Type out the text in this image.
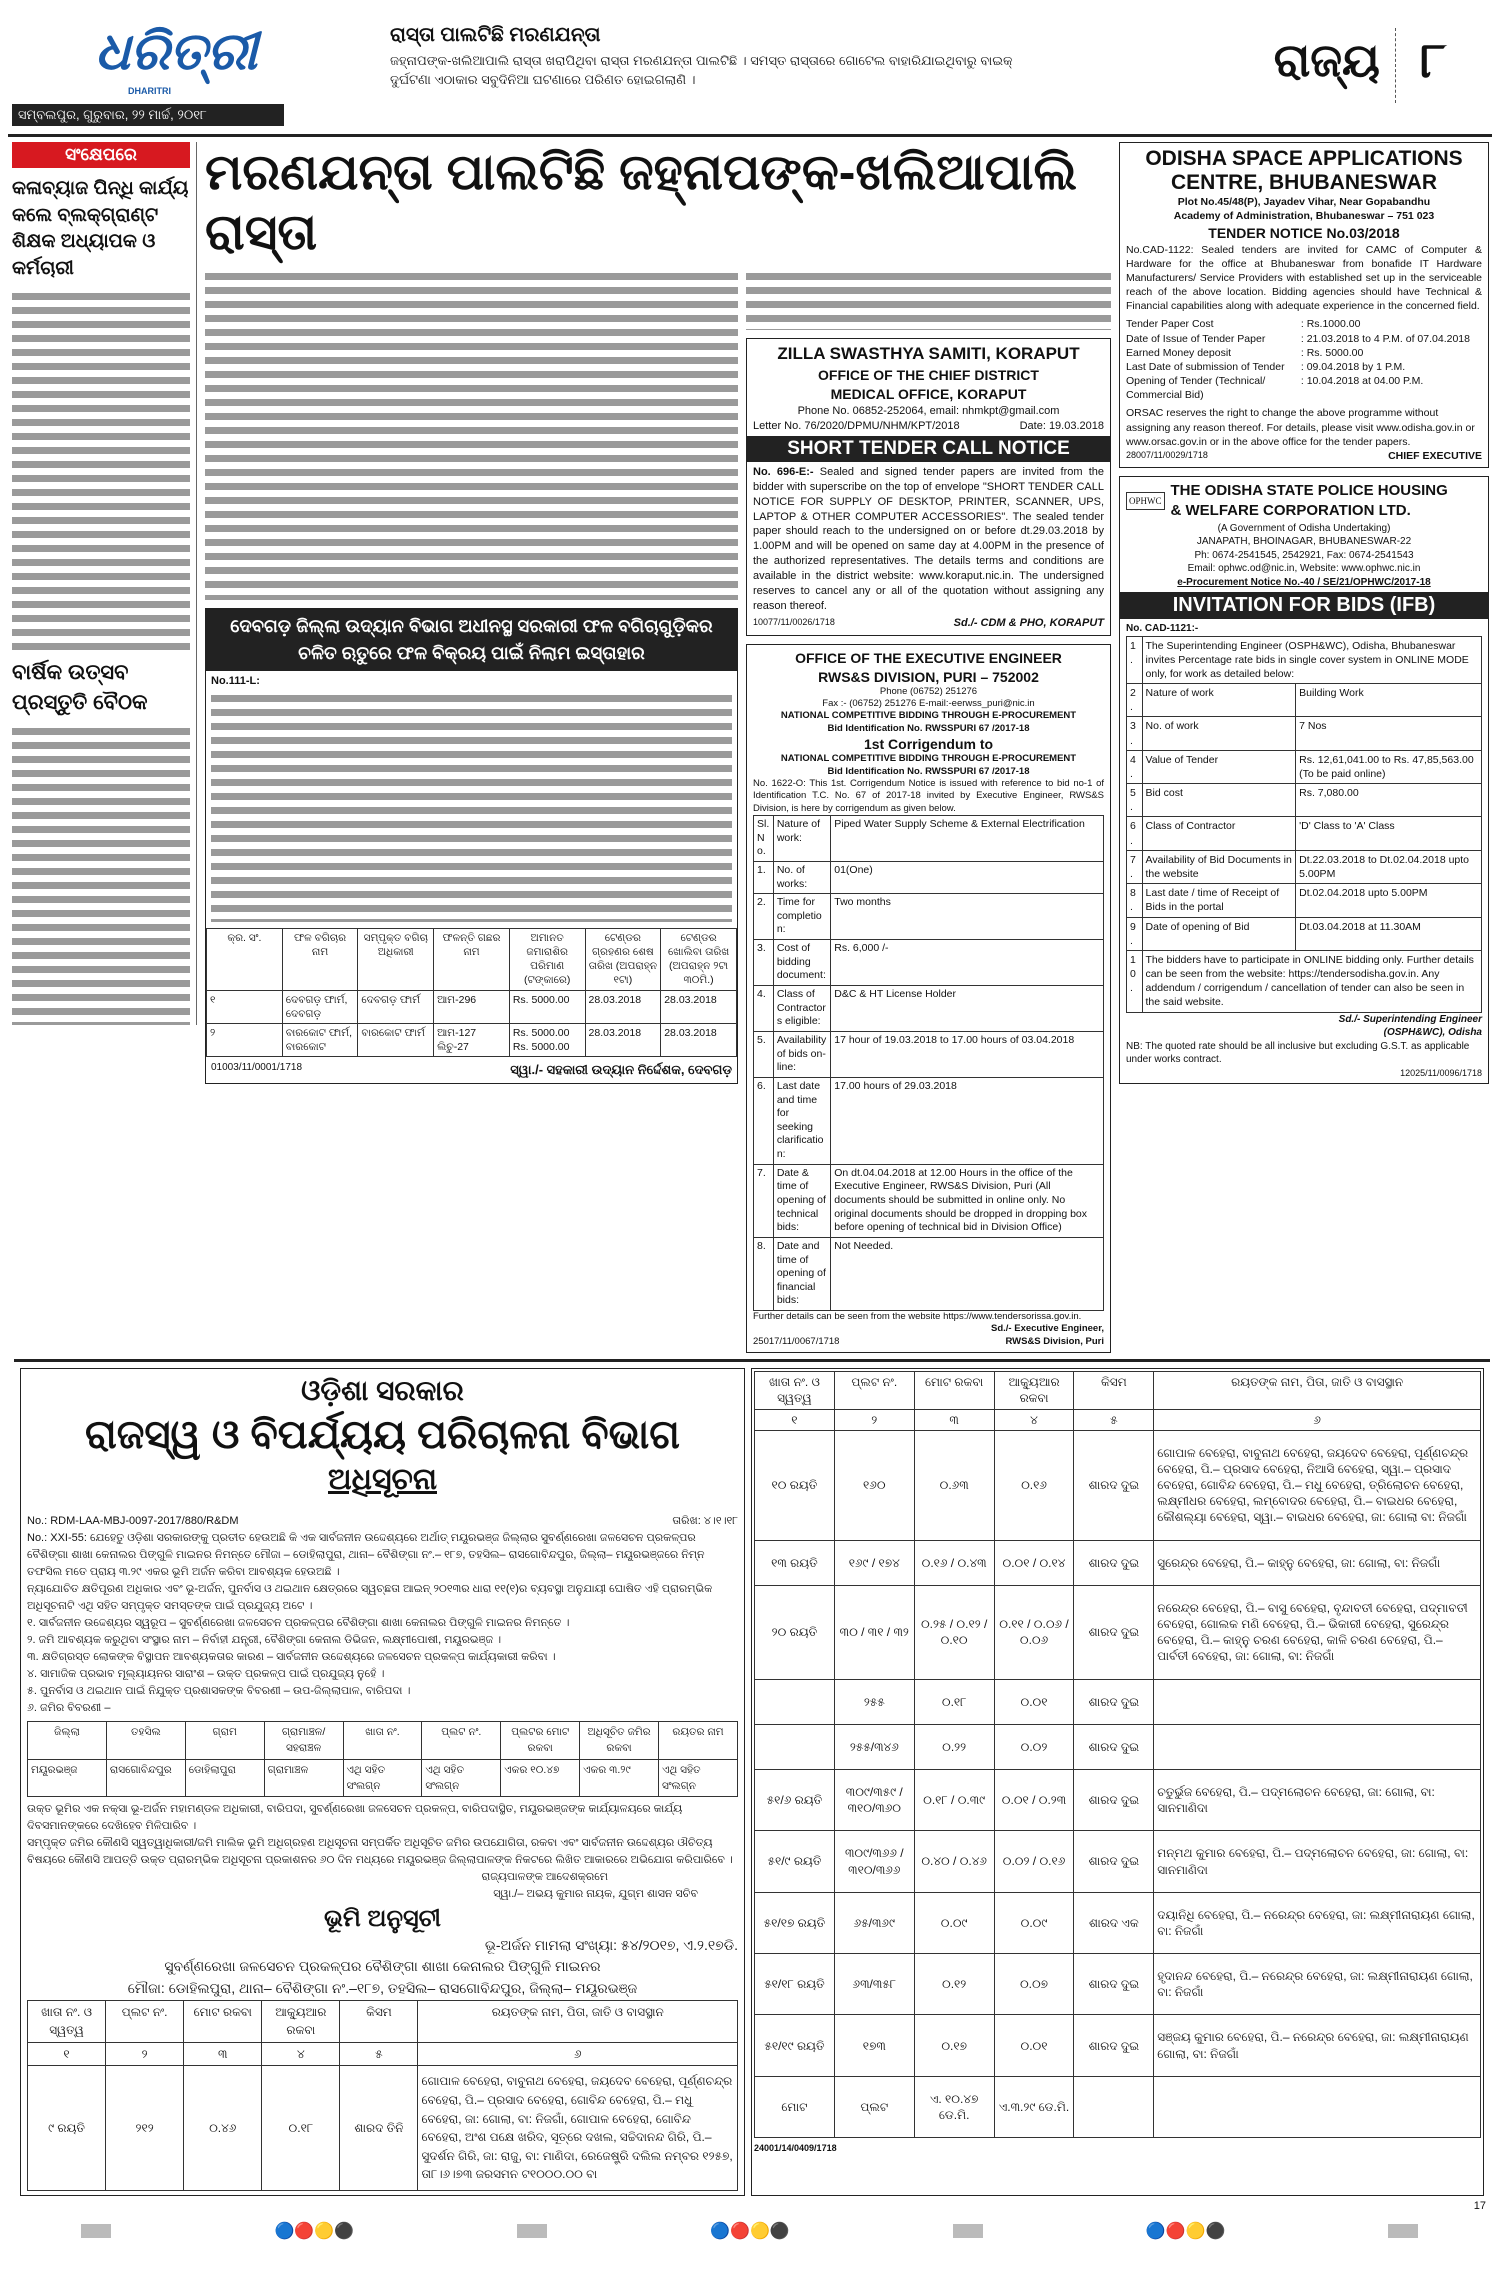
ଧରିତ୍ରୀ
DHARITRI
ସମ୍ବଲପୁର, ଗୁରୁବାର, ୨୨ ମାର୍ଚ୍ଚ, ୨୦୧୮
ରାସ୍ତା ପାଲଟିଛି ମରଣଯନ୍ତା
ଜହ୍ନାପଙ୍କ-ଖଲିଆପାଲି ରାସ୍ତା ଖରାପିଥିବା ରାସ୍ତା ମରଣଯନ୍ତା ପାଲଟିଛି । ସମସ୍ତ ରାସ୍ତାରେ ଗୋଟେଲ ବାହାରିଯାଇଥିବାରୁ ବାଇକ୍ ଦୁର୍ଘଟଣା ଏଠାକାର ସବୁଦିନିଆ ଘଟଣାରେ ପରିଣତ ହୋଇଗଲାଣି ।	ରାଜ୍ୟ ୮
ସଂକ୍ଷେପରେ
କଳାବ୍ୟାଜ ପିନ୍ଧି କାର୍ଯ୍ୟ କଲେ ବ୍ଲକ୍‌ଗ୍ରାଣ୍ଟ ଶିକ୍ଷକ ଅଧ୍ୟାପକ ଓ କର୍ମଚାରୀ
ବାର୍ଷିକ ଉତ୍ସବ ପ୍ରସ୍ତୁତି ବୈଠକ
ମରଣଯନ୍ତା ପାଲଟିଛି ଜହ୍ନାପଙ୍କ-ଖଲିଆପାଲି ରାସ୍ତା
ଦେବଗଡ଼ ଜିଲ୍ଲା ଉଦ୍ୟାନ ବିଭାଗ ଅଧୀନସ୍ଥ ସରକାରୀ ଫଳ ବଗିଚାଗୁଡ଼ିକର ଚଳିତ ଋତୁରେ ଫଳ ବିକ୍ରୟ ପାଇଁ ନିଲାମ ଇସ୍ତାହାର
No.111-L:
କ୍ର. ସଂ.	ଫଳ ବଗିଚାର ନାମ	ସମ୍ପୃକ୍ତ ବଗିଚା ଅଧିକାରୀ	ଫଳନ୍ତି ଗଛର ନାମ	ଅମାନତ ଜମାରାଶିର ପରିମାଣ (ଟଙ୍କାରେ)	ଟେଣ୍ଡର ଗ୍ରହଣର ଶେଷ ତାରିଖ (ଅପରାହ୍ନ ୧ଟା)	ଟେଣ୍ଡର ଖୋଲିବା ତାରିଖ (ଅପରାହ୍ନ ୨ଟା ୩୦ମି.)
୧	ଦେବଗଡ଼ ଫାର୍ମ, ଦେବଗଡ଼	ଦେବଗଡ଼ ଫାର୍ମ	ଆମ-296	Rs. 5000.00	28.03.2018	28.03.2018
୨	ବାରକୋଟ ଫାର୍ମ, ବାରକୋଟ	ବାରକୋଟ ଫାର୍ମ	ଆମ-127 ଲିଚୁ-27	Rs. 5000.00 Rs. 5000.00	28.03.2018	28.03.2018
01003/11/0001/1718	ସ୍ୱା./- ସହକାରୀ ଉଦ୍ୟାନ ନିର୍ଦ୍ଦେଶକ, ଦେବଗଡ଼
ZILLA SWASTHYA SAMITI, KORAPUT
OFFICE OF THE CHIEF DISTRICT
MEDICAL OFFICE, KORAPUT
Phone No. 06852-252064, email: nhmkpt@gmail.com
Letter No. 76/2020/DPMU/NHM/KPT/2018	Date: 19.03.2018
SHORT TENDER CALL NOTICE
No. 696-E:- Sealed and signed tender papers are invited from the bidder with superscribe on the top of envelope "SHORT TENDER CALL NOTICE FOR SUPPLY OF DESKTOP, PRINTER, SCANNER, UPS, LAPTOP & OTHER COMPUTER ACCESSORIES". The sealed tender paper should reach to the undersigned on or before dt.29.03.2018 by 1.00PM and will be opened on same day at 4.00PM in the presence of the authorized representatives. The details terms and conditions are available in the district website: www.koraput.nic.in. The undersigned reserves to cancel any or all of the quotation without assigning any reason thereof.
10077/11/0026/1718	Sd./- CDM & PHO, KORAPUT
OFFICE OF THE EXECUTIVE ENGINEER
RWS&S DIVISION, PURI – 752002
Phone (06752) 251276
Fax :- (06752) 251276 E-mail:-eerwss_puri@nic.in
NATIONAL COMPETITIVE BIDDING THROUGH E-PROCUREMENT
Bid Identification No. RWSSPURI 67 /2017-18
1st Corrigendum to
NATIONAL COMPETITIVE BIDDING THROUGH E-PROCUREMENT
Bid Identification No. RWSSPURI 67 /2017-18
No. 1622-O: This 1st. Corrigendum Notice is issued with reference to bid no-1 of Identification T.C. No. 67 of 2017-18 invited by Executive Engineer, RWS&S Division, is here by corrigendum as given below.
Sl. No.	Nature of work:	Piped Water Supply Scheme & External Electrification
1.	No. of works:	01(One)
2.	Time for completion:	Two months
3.	Cost of bidding document:	Rs. 6,000 /-
4.	Class of Contractors eligible:	D&C & HT License Holder
5.	Availability of bids on-line:	17 hour of 19.03.2018 to 17.00 hours of 03.04.2018
6.	Last date and time for seeking clarification:	17.00 hours of 29.03.2018
7.	Date & time of opening of technical bids:	On dt.04.04.2018 at 12.00 Hours in the office of the Executive Engineer, RWS&S Division, Puri (All documents should be submitted in online only. No original documents should be dropped in dropping box before opening of technical bid in Division Office)
8.	Date and time of opening of financial bids:	Not Needed.
Further details can be seen from the website https://www.tendersorissa.gov.in.
Sd./- Executive Engineer,
25017/11/0067/1718	RWS&S Division, Puri
ODISHA SPACE APPLICATIONS
CENTRE, BHUBANESWAR
Plot No.45/48(P), Jayadev Vihar, Near Gopabandhu
Academy of Administration, Bhubaneswar – 751 023
TENDER NOTICE No.03/2018
No.CAD-1122: Sealed tenders are invited for CAMC of Computer & Hardware for the office at Bhubaneswar from bonafide IT Hardware Manufacturers/ Service Providers with established set up in the serviceable reach of the above location. Bidding agencies should have Technical & Financial capabilities along with adequate experience in the concerned field.
Tender Paper Cost	: Rs.1000.00
Date of Issue of Tender Paper	: 21.03.2018 to 4 P.M. of 07.04.2018
Earned Money deposit	: Rs. 5000.00
Last Date of submission of Tender	: 09.04.2018 by 1 P.M.
Opening of Tender (Technical/ Commercial Bid)
: 10.04.2018 at 04.00 P.M.
ORSAC reserves the right to change the above programme without assigning any reason thereof. For details, please visit www.odisha.gov.in or www.orsac.gov.in or in the above office for the tender papers.
28007/11/0029/1718	CHIEF EXECUTIVE
OPHWC
THE ODISHA STATE POLICE HOUSING
& WELFARE CORPORATION LTD.
(A Government of Odisha Undertaking)
JANAPATH, BHOINAGAR, BHUBANESWAR-22
Ph: 0674-2541545, 2542921, Fax: 0674-2541543
Email: ophwc.od@nic.in, Website: www.ophwc.nic.in
e-Procurement Notice No.-40 / SE/21/OPHWC/2017-18
INVITATION FOR BIDS (IFB)
No. CAD-1121:-
1.	The Superintending Engineer (OSPH&WC), Odisha, Bhubaneswar invites Percentage rate bids in single cover system in ONLINE MODE only, for work as detailed below:	
2.	Nature of work	Building Work
3.	No. of work	7 Nos
4.	Value of Tender	Rs. 12,61,041.00 to Rs. 47,85,563.00 (To be paid online)
5.	Bid cost	Rs. 7,080.00
6.	Class of Contractor	'D' Class to 'A' Class
7.	Availability of Bid Documents in the website	Dt.22.03.2018 to Dt.02.04.2018 upto 5.00PM
8.	Last date / time of Receipt of Bids in the portal	Dt.02.04.2018 upto 5.00PM
9.	Date of opening of Bid	Dt.03.04.2018 at 11.30AM
10.	The bidders have to participate in ONLINE bidding only. Further details can be seen from the website: https://tendersodisha.gov.in. Any addendum / corrigendum / cancellation of tender can also be seen in the said website.	
Sd./- Superintending Engineer
(OSPH&WC), Odisha
NB: The quoted rate should be all inclusive but excluding G.S.T. as applicable under works contract.
12025/11/0096/1718
ଓଡ଼ିଶା ସରକାର
ରାଜସ୍ୱ ଓ ବିପର୍ଯ୍ୟୟ ପରିଚାଳନା ବିଭାଗ
ଅଧିସୂଚନା
No.: RDM-LAA-MBJ-0097-2017/880/R&DM	ତାରିଖ: ୪।୧।୧୮
No.: XXI-55: ଯେହେତୁ ଓଡ଼ିଶା ସରକାରଙ୍କୁ ପ୍ରତୀତ ହେଉଅଛି କି ଏକ ସାର୍ବଜନୀନ ଉଦ୍ଦେଶ୍ୟରେ ଅର୍ଥାତ୍ ମୟୂରଭଞ୍ଜ ଜିଲ୍ଲାର ସୁବର୍ଣ୍ଣରେଖା ଜଳସେଚନ ପ୍ରକଳ୍ପର ବୈଶିଙ୍ଗା ଶାଖା କେନାଲର ପିଙ୍ଗୁଳି ମାଇନର ନିମନ୍ତେ ମୌଜା – ଡୋହିଲାପୁରା, ଥାନା– ବୈଶିଙ୍ଗା ନଂ.– ୧୮୭, ତହସିଲ– ରାସଗୋବିନ୍ଦପୁର, ଜିଲ୍ଲା– ମୟୂରଭଞ୍ଜରେ ନିମ୍ନ ତଫସିଲ ମତେ ପ୍ରାୟ ୩.୨୯ ଏକର ଭୂମି ଅର୍ଜନ କରିବା ଆବଶ୍ୟକ ହେଉଅଛି ।
ନ୍ୟାଯୋଚିତ କ୍ଷତିପୂରଣ ଅଧିକାର ଏବଂ ଭୂ-ଅର୍ଜନ, ପୁନର୍ବାସ ଓ ଥଇଥାନ କ୍ଷେତ୍ରରେ ସ୍ୱଚ୍ଛତା ଆଇନ୍ ୨୦୧୩ର ଧାରା ୧୧(୧)ର ବ୍ୟବସ୍ଥା ଅନୁଯାୟୀ ଘୋଷିତ ଏହି ପ୍ରାରମ୍ଭିକ ଅଧିସୂଚନାଟି ଏଥି ସହିତ ସମ୍ପୃକ୍ତ ସମସ୍ତଙ୍କ ପାଇଁ ପ୍ରଯୁଜ୍ୟ ଅଟେ ।
୧. ସାର୍ବଜନୀନ ଉଦ୍ଦେଶ୍ୟର ସ୍ୱରୂପ – ସୁବର୍ଣ୍ଣରେଖା ଜଳସେଚନ ପ୍ରକଳ୍ପର ବୈଶିଙ୍ଗା ଶାଖା କେନାଲର ପିଙ୍ଗୁଳି ମାଇନର ନିମନ୍ତେ ।
୨. ଜମି ଆବଶ୍ୟକ କରୁଥିବା ସଂସ୍ଥାର ନାମ – ନିର୍ବାହୀ ଯନ୍ତ୍ରୀ, ବୈଶିଙ୍ଗା କେନାଲ ଡିଭିଜନ, ଲକ୍ଷ୍ମୀପୋଷୀ, ମୟୂରଭଞ୍ଜ ।
୩. କ୍ଷତିଗ୍ରସ୍ତ ଲୋକଙ୍କ ବିସ୍ଥାପନ ଆବଶ୍ୟକତାର କାରଣ – ସାର୍ବଜନୀନ ଉଦ୍ଦେଶ୍ୟରେ ଜଳସେଚନ ପ୍ରକଳ୍ପ କାର୍ଯ୍ୟକାରୀ କରିବା ।
୪. ସାମାଜିକ ପ୍ରଭାବ ମୂଲ୍ୟାୟନର ସାରାଂଶ – ଉକ୍ତ ପ୍ରକଳ୍ପ ପାଇଁ ପ୍ରଯୁଜ୍ୟ ନୁହେଁ ।
୫. ପୁନର୍ବାସ ଓ ଥଇଥାନ ପାଇଁ ନିଯୁକ୍ତ ପ୍ରଶାସକଙ୍କ ବିବରଣୀ – ଉପ-ଜିଲ୍ଲାପାଳ, ବାରିପଦା ।
୬. ଜମିର ବିବରଣୀ –
ଜିଲ୍ଲା	ତହସିଲ	ଗ୍ରାମ	ଗ୍ରାମାଞ୍ଚଳ/ ସହରାଞ୍ଚଳ	ଖାତା ନଂ.	ପ୍ଲଟ ନଂ.	ପ୍ଲଟର ମୋଟ ରକବା	ଅଧିସୂଚିତ ଜମିର ରକବା	ରୟତର ନାମ
ମୟୂରଭଞ୍ଜ	ରାସଗୋବିନ୍ଦପୁର	ଡୋହିଲାପୁରା	ଗ୍ରାମାଞ୍ଚଳ	ଏଥି ସହିତ ସଂଲଗ୍ନ	ଏଥି ସହିତ ସଂଲଗ୍ନ	ଏକର ୧୦.୪୭	ଏକର ୩.୨୯	ଏଥି ସହିତ ସଂଲଗ୍ନ
ଉକ୍ତ ଭୂମିର ଏକ ନକ୍ସା ଭୂ-ଅର୍ଜନ ମହାମଣ୍ଡଳ ଅଧିକାରୀ, ବାରିପଦା, ସୁବର୍ଣ୍ଣରେଖା ଜଳସେଚନ ପ୍ରକଳ୍ପ, ବାରିପଦାସ୍ଥିତ, ମୟୂରଭଞ୍ଜଙ୍କ କାର୍ଯ୍ୟାଳୟରେ କାର୍ଯ୍ୟ ଦିବସମାନଙ୍କରେ ଦେଖିହେବ ମିଳିପାରିବ ।
ସମ୍ପୃକ୍ତ ଜମିର କୌଣସି ସ୍ୱତ୍ୱାଧିକାରୀ/ଜମି ମାଲିକ ଭୂମି ଅଧିଗ୍ରହଣ ଅଧିସୂଚନା ସମ୍ପର୍କିତ ଅଧିସୂଚିତ ଜମିର ଉପଯୋଗିତା, ରକବା ଏବଂ ସାର୍ବଜନୀନ ଉଦ୍ଦେଶ୍ୟର ଔଚିତ୍ୟ ବିଷୟରେ କୌଣସି ଆପତ୍ତି ଉକ୍ତ ପ୍ରାରମ୍ଭିକ ଅଧିସୂଚନା ପ୍ରକାଶନର ୬୦ ଦିନ ମଧ୍ୟରେ ମୟୂରଭଞ୍ଜ ଜିଲ୍ଲାପାଳଙ୍କ ନିକଟରେ ଲିଖିତ ଆକାରରେ ଅଭିଯୋଗ କରିପାରିବେ ।
ରାଜ୍ୟପାଳଙ୍କ ଆଦେଶକ୍ରମେ
ସ୍ୱା./– ଅଭୟ କୁମାର ନାୟକ, ଯୁଗ୍ମ ଶାସନ ସଚିବ
ଭୂମି ଅନୁସୂଚୀ
ଭୂ-ଅର୍ଜନ ମାମଲା ସଂଖ୍ୟା: ୫୪/୨୦୧୭, ଏ.୨.୧୭ଡି.
ସୁବର୍ଣ୍ଣରେଖା ଜଳସେଚନ ପ୍ରକଳ୍ପର ବୈଶିଙ୍ଗା ଶାଖା କେନାଲର ପିଙ୍ଗୁଳି ମାଇନର
ମୌଜା: ଡୋହିଲପୁରା, ଥାନା– ବୈଶିଙ୍ଗା ନଂ.–୧୮୭, ତହସିଲ– ରାସଗୋବିନ୍ଦପୁର, ଜିଲ୍ଲା– ମୟୂରଭଞ୍ଜ
ଖାତା ନଂ. ଓ ସ୍ୱତ୍ୱ	ପ୍ଲଟ ନଂ.	ମୋଟ ରକବା	ଆକ୍ୟୁଆର ରକବା	କିସମ	ରୟତଙ୍କ ନାମ, ପିତା, ଜାତି ଓ ବାସସ୍ଥାନ
୧	୨	୩	୪	୫	୬
୯ ରୟତି	୨୧୨	୦.୪୬	୦.୧୮	ଶାରଦ ତିନି	ଗୋପାଳ ବେହେରା, ବାବୁନାଥ ବେହେରା, ଜୟଦେବ ବେହେରା, ପୂର୍ଣ୍ଣଚନ୍ଦ୍ର ବେହେରା, ପି.– ପ୍ରସାଦ ବେହେରା, ଗୋବିନ୍ଦ ବେହେରା, ପି.– ମଧୁ ବେହେରା, ଜା: ଗୋଲା, ବା: ନିଜଗାଁ, ଗୋପାଳ ବେହେରା, ଗୋବିନ୍ଦ ବେହେରା, ଅଂଶ ପକ୍ଷେ ଖରିଦ, ସୂତ୍ରେ ଦଖଲ, ସଚ୍ଚିଦାନନ୍ଦ ଗିରି, ପି.– ସୁଦର୍ଶନ ଗିରି, ଜା: ରାଜୁ, ବା: ମାଣିଦା, ରେଜେଷ୍ଟ୍ରି ଦଲିଲ ନମ୍ବର ୧୨୫୭, ତା୮।୬।୭୩ ଜରସମନ ଟ୧୦୦୦.୦୦ ବା
ଖାତା ନଂ. ଓ ସ୍ୱତ୍ୱ	ପ୍ଲଟ ନଂ.	ମୋଟ ରକବା	ଆକ୍ୟୁଆର ରକବା	କିସମ	ରୟତଙ୍କ ନାମ, ପିତା, ଜାତି ଓ ବାସସ୍ଥାନ
୧	୨	୩	୪	୫	୬
୧୦ ରୟତି	୧୬୦	୦.୬୩	୦.୧୬	ଶାରଦ ଦୁଇ	ଗୋପାଳ ବେହେରା, ବାବୁନାଥ ବେହେରା, ଜୟଦେବ ବେହେରା, ପୂର୍ଣ୍ଣଚନ୍ଦ୍ର ବେହେରା, ପି.– ପ୍ରସାଦ ବେହେରା, ନିଆସି ବେହେରା, ସ୍ୱା.– ପ୍ରସାଦ ବେହେରା, ଗୋବିନ୍ଦ ବେହେରା, ପି.– ମଧୁ ବେହେରା, ତ୍ରିଲୋଚନ ବେହେରା, ଲକ୍ଷ୍ମୀଧର ବେହେରା, ଲମ୍ବୋଦର ବେହେରା, ପି.– ବାଇଧର ବେହେରା, କୌଶଲ୍ୟା ବେହେରା, ସ୍ୱା.– ବାଇଧର ବେହେରା, ଜା: ଗୋଲା ବା: ନିଜଗାଁ
୧୩ ରୟତି	୧୬୯ / ୧୭୪	୦.୧୬ / ୦.୪୩	୦.୦୧ / ୦.୧୪	ଶାରଦ ଦୁଇ	ସୁରେନ୍ଦ୍ର ବେହେରା, ପି.– କାହ୍ନୁ ବେହେରା, ଜା: ଗୋଲା, ବା: ନିଜଗାଁ
୨୦ ରୟତି	୩୦ / ୩୧ / ୩୨	୦.୨୫ / ୦.୧୨ / ୦.୧୦	୦.୧୧ / ୦.୦୬ / ୦.୦୬	ଶାରଦ ଦୁଇ	ନରେନ୍ଦ୍ର ବେହେରା, ପି.– ବାସୁ ବେହେରା, ବୃନ୍ଦାବତୀ ବେହେରା, ପଦ୍ମାବତୀ ବେହେରା, ଗୋଲକ ମଣି ବେହେରା, ପି.– ଭିକାରୀ ବେହେରା, ସୁରେନ୍ଦ୍ର ବେହେରା, ପି.– କାହ୍ନୁ ଚରଣ ବେହେରା, କାଳି ଚରଣ ବେହେରା, ପି.– ପାର୍ବତୀ ବେହେରା, ଜା: ଗୋଲା, ବା: ନିଜଗାଁ
	୨୫୫	୦.୧୮	୦.୦୧	ଶାରଦ ଦୁଇ	
	୨୫୫/୩୪୬	୦.୨୨	୦.୦୨	ଶାରଦ ଦୁଇ	
୫୧/୬ ରୟତି	୩୦୯/୩୫୯ / ୩୧୦/୩୬୦	୦.୧୮ / ୦.୩୯	୦.୦୧ / ୦.୨୩	ଶାରଦ ଦୁଇ	ଚତୁର୍ଭୁଜ ବେହେରା, ପି.– ପଦ୍ମଲୋଚନ ବେହେରା, ଜା: ଗୋଲା, ବା: ସାନମାଣିଦା
୫୧/୯ ରୟତି	୩୦୯/୩୬୬ / ୩୧୦/୩୬୬	୦.୪୦ / ୦.୪୬	୦.୦୨ / ୦.୧୬	ଶାରଦ ଦୁଇ	ମନ୍ମଥ କୁମାର ବେହେରା, ପି.– ପଦ୍ମଲୋଚନ ବେହେରା, ଜା: ଗୋଲା, ବା: ସାନମାଣିଦା
୫୧/୧୭ ରୟତି	୬୫/୩୬୯	୦.୦୯	୦.୦୯	ଶାରଦ ଏକ	ଦୟାନିଧି ବେହେରା, ପି.– ନରେନ୍ଦ୍ର ବେହେରା, ଜା: ଲକ୍ଷ୍ମୀନାରାୟଣ ଗୋଲା, ବା: ନିଜଗାଁ
୫୧/୧୮ ରୟତି	୬୩/୩୫୮	୦.୧୨	୦.୦୭	ଶାରଦ ଦୁଇ	ହୃଦାନନ୍ଦ ବେହେରା, ପି.– ନରେନ୍ଦ୍ର ବେହେରା, ଜା: ଲକ୍ଷ୍ମୀନାରାୟଣ ଗୋଲା, ବା: ନିଜଗାଁ
୫୧/୧୯ ରୟତି	୧୭୩	୦.୧୭	୦.୦୧	ଶାରଦ ଦୁଇ	ସଞ୍ଜୟ କୁମାର ବେହେରା, ପି.– ନରେନ୍ଦ୍ର ବେହେରା, ଜା: ଲକ୍ଷ୍ମୀନାରାୟଣ ଗୋଲା, ବା: ନିଜଗାଁ
ମୋଟ	ପ୍ଲଟ	ଏ. ୧୦.୪୭ ଡେ.ମି.	ଏ.୩.୨୯ ଡେ.ମି.		
24001/14/0409/1718
17
🔵🔴🟡⚫	🔵🔴🟡⚫	🔵🔴🟡⚫
